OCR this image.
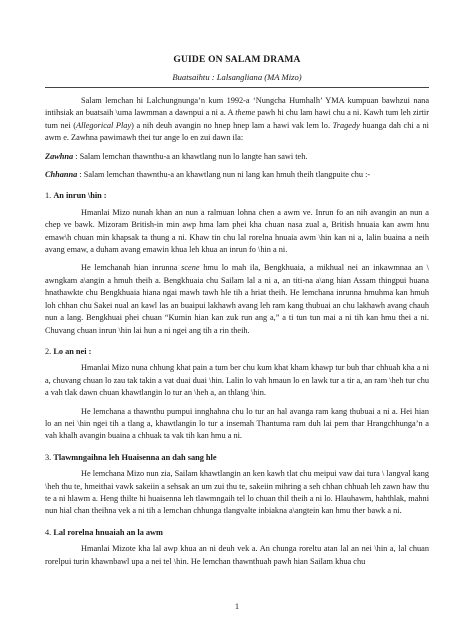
GUIDE ON SALAM DRAMA
Buatsaihtu : Lalsangliana (MA Mizo)

Salam lemchan hi Lalchungnunga’n kum 1992-a ‘Nungcha Humhalh’ YMA kumpuan bawhzui nana intihsiak an buatsaih \uma lawmman a dawnpui a ni a. A theme pawh hi chu lam hawi chu a ni. Kawh tum leh zirtir tum nei (Allegorical Play) a nih deuh avangin no hnep hnep lam a hawi vak lem lo. Tragedy huanga dah chi a ni awm e. Zawhna pawimawh thei tur ange lo en zui dawn ila:

Zawhna : Salam lemchan thawnthu-a an khawtlang nun lo langte han sawi teh.

Chhanna : Salam lemchan thawnthu-a an khawtlang nun ni lang kan hmuh theih tlangpuite chu :-

1. An inrun \hin :

Hmanlai Mizo nunah khan an nun a ralmuan lohna chen a awm ve. Inrun fo an nih avangin an nun a chep ve bawk. Mizoram British-in min awp hma lam phei kha chuan nasa zual a, British hnuaia kan awm hnu emaw\h chuan min khapsak ta thung a ni. Khaw tin chu lal rorelna hnuaia awm \hin kan ni a, lalin buaina a neih avang emaw, a duham avang emawin khua leh khua an inrun fo \hin a ni.

He lemchanah hian inrunna scene hmu lo mah ila, Bengkhuaia, a mikhual nei an inkawmnaa an \ awngkam a\angin a hmuh theih a. Bengkhuaia chu Sailam lal a ni a, an titi-na a\ang hian Assam thingpui huana hnathawkte chu Bengkhuaia hiana ngai mawh tawh hle tih a hriat theih. He lemchana inrunna hmuhma kan hmuh loh chhan chu Sakei nual an kawl las an buaipui lakhawh avang leh ram kang thubuai an chu lakhawh avang chauh nun a lang. Bengkhuai phei chuan “Kumin hian kan zuk run ang a,” a ti tun tun mai a ni tih kan hmu thei a ni. Chuvang chuan inrun \hin lai hun a ni ngei ang tih a rin theih.

2. Lo an nei :

Hmanlai Mizo nuna chhung khat pain a tum ber chu kum khat kham khawp tur buh thar chhuah kha a ni a, chuvang chuan lo zau tak takin a vat duai duai \hin. Lalin lo vah hmaun lo en lawk tur a tir a, an ram \heh tur chu a vah tlak dawn chuan khawtlangin lo tur an \heh a, an thlang \hin.

He lemchana a thawnthu pumpui innghahna chu lo tur an hal avanga ram kang thubuai a ni a. Hei hian lo an nei \hin ngei tih a tlang a, khawtlangin lo tur a insemah Thantuma ram duh lai pem thar Hrangchhunga’n a vah khalh avangin buaina a chhuak ta vak tih kan hmu a ni.

3. Tlawmngaihna leh Huaisenna an dah sang hle

He lemchana Mizo nun zia, Sailam khawtlangin an ken kawh tlat chu meipui vaw dai tura \ langval kang \heh thu te, hmeithai vawk sakeiin a sehsak an um zui thu te, sakeiin mihring a seh chhan chhuah leh zawn haw thu te a ni hlawm a. Heng thilte hi huaisenna leh tlawmngaih tel lo chuan thil theih a ni lo. Hlauhawm, hahthlak, mahni nun hial chan theihna vek a ni tih a lemchan chhunga tlangvalte inbiakna a\angtein kan hmu ther bawk a ni.

4. Lal rorelna hnuaiah an la awm

Hmanlai Mizote kha lal awp khua an ni deuh vek a. An chunga roreltu atan lal an nei \hin a, lal chuan rorelpui turin khawnbawl upa a nei tel \hin. He lemchan thawnthuah pawh hian Sailam khua chu

1
